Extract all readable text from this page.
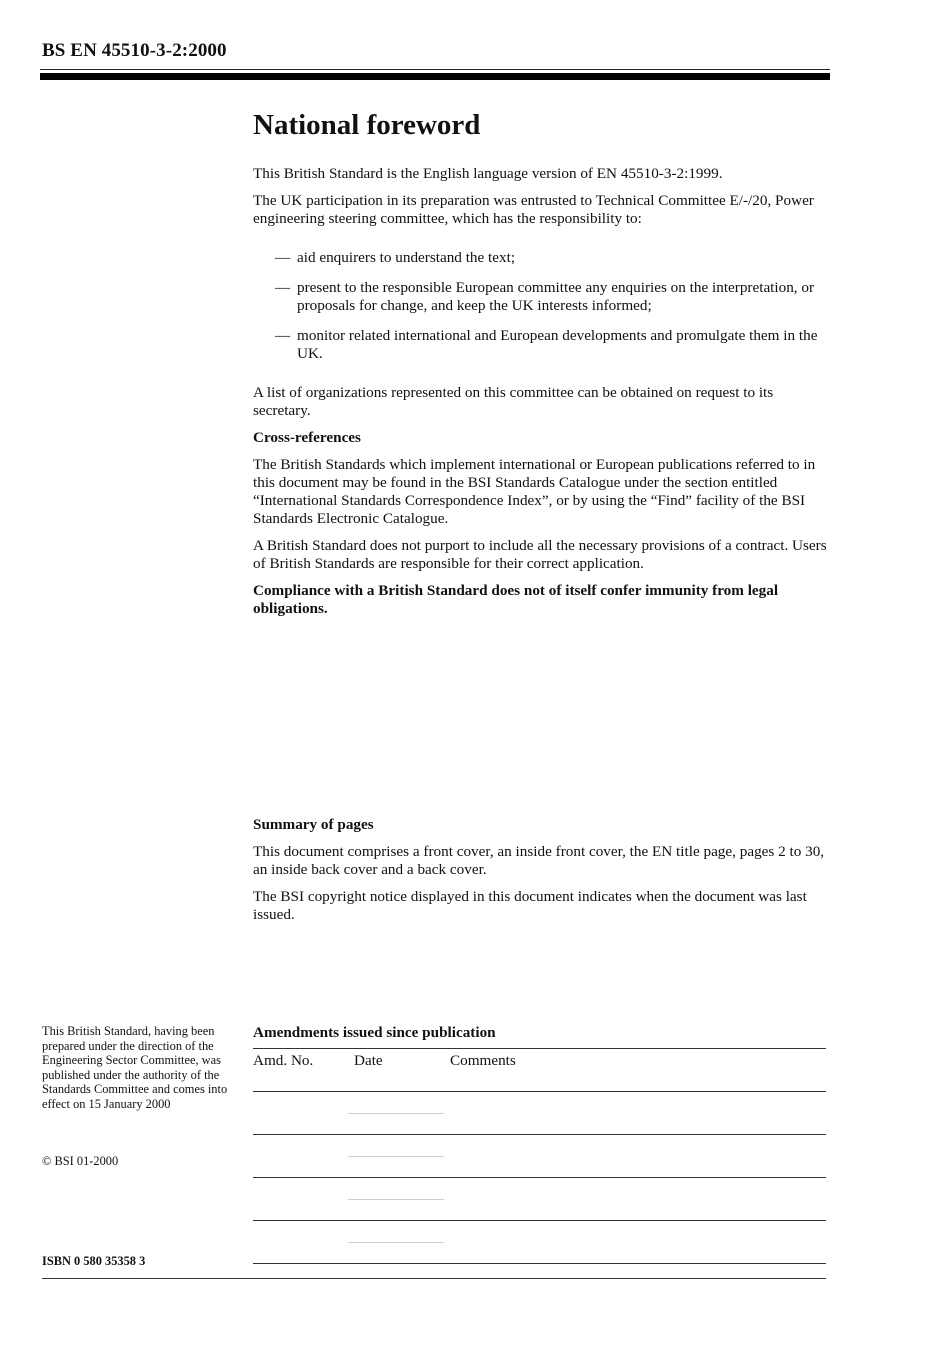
BS EN 45510-3-2:2000
National foreword

This British Standard is the English language version of EN 45510-3-2:1999.

The UK participation in its preparation was entrusted to Technical Committee E/-/20, Power engineering steering committee, which has the responsibility to:

— aid enquirers to understand the text;
— present to the responsible European committee any enquiries on the interpretation, or proposals for change, and keep the UK interests informed;
— monitor related international and European developments and promulgate them in the UK.

A list of organizations represented on this committee can be obtained on request to its secretary.

Cross-references

The British Standards which implement international or European publications referred to in this document may be found in the BSI Standards Catalogue under the section entitled “International Standards Correspondence Index”, or by using the “Find” facility of the BSI Standards Electronic Catalogue.

A British Standard does not purport to include all the necessary provisions of a contract. Users of British Standards are responsible for their correct application.

Compliance with a British Standard does not of itself confer immunity from legal obligations.

Summary of pages

This document comprises a front cover, an inside front cover, the EN title page, pages 2 to 30, an inside back cover and a back cover.

The BSI copyright notice displayed in this document indicates when the document was last issued.

This British Standard, having been prepared under the direction of the Engineering Sector Committee, was published under the authority of the Standards Committee and comes into effect on 15 January 2000
© BSI 01-2000
ISBN 0 580 35358 3
Amendments issued since publication
Amd. No.	Date	Comments
